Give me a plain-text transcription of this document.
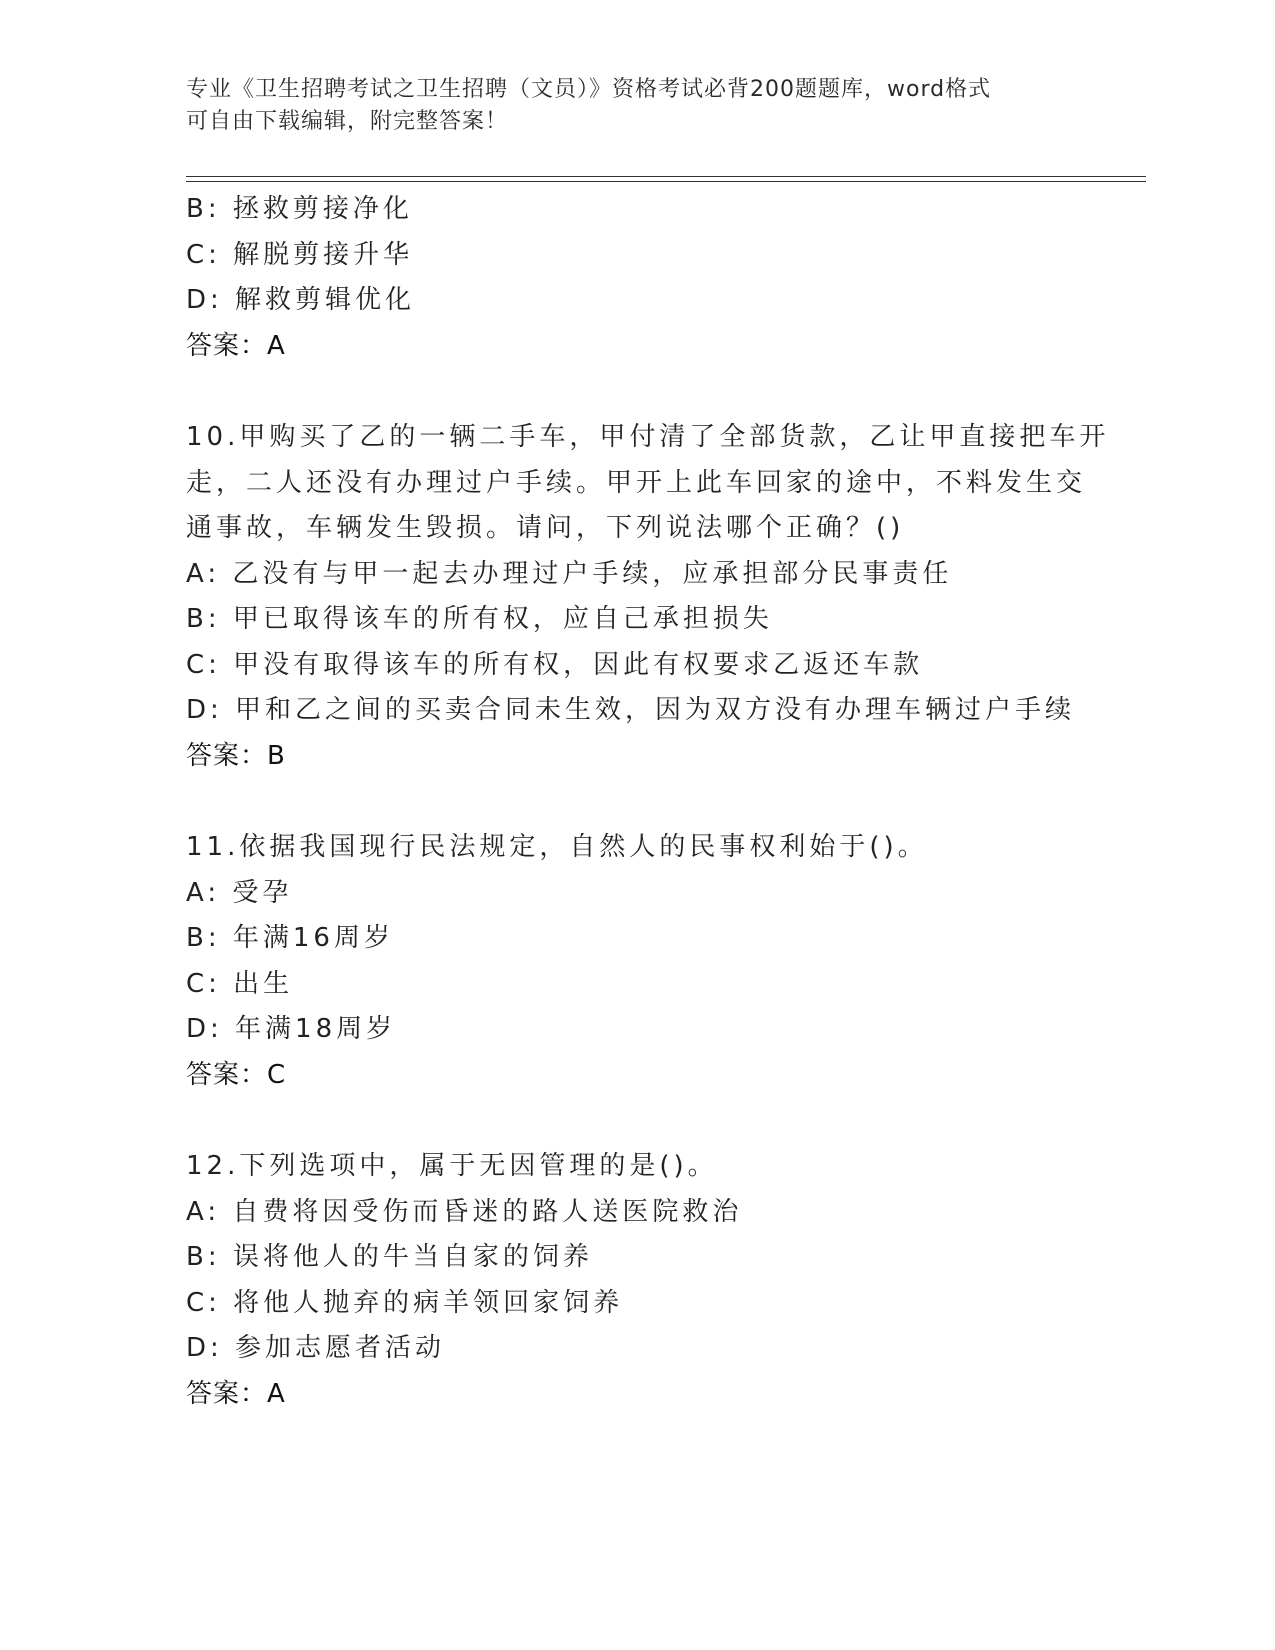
专业《卫生招聘考试之卫生招聘（文员）》资格考试必背200题题库，word格式
可自由下载编辑，附完整答案！
B: 拯救剪接净化
C: 解脱剪接升华
D: 解救剪辑优化
答案：A
10.甲购买了乙的一辆二手车，甲付清了全部货款，乙让甲直接把车开
走，二人还没有办理过户手续。甲开上此车回家的途中，不料发生交
通事故，车辆发生毁损。请问，下列说法哪个正确？()
A: 乙没有与甲一起去办理过户手续，应承担部分民事责任
B: 甲已取得该车的所有权，应自己承担损失
C: 甲没有取得该车的所有权，因此有权要求乙返还车款
D: 甲和乙之间的买卖合同未生效，因为双方没有办理车辆过户手续
答案：B
11.依据我国现行民法规定，自然人的民事权利始于()。
A: 受孕
B: 年满16周岁
C: 出生
D: 年满18周岁
答案：C
12.下列选项中，属于无因管理的是()。
A: 自费将因受伤而昏迷的路人送医院救治
B: 误将他人的牛当自家的饲养
C: 将他人抛弃的病羊领回家饲养
D: 参加志愿者活动
答案：A
